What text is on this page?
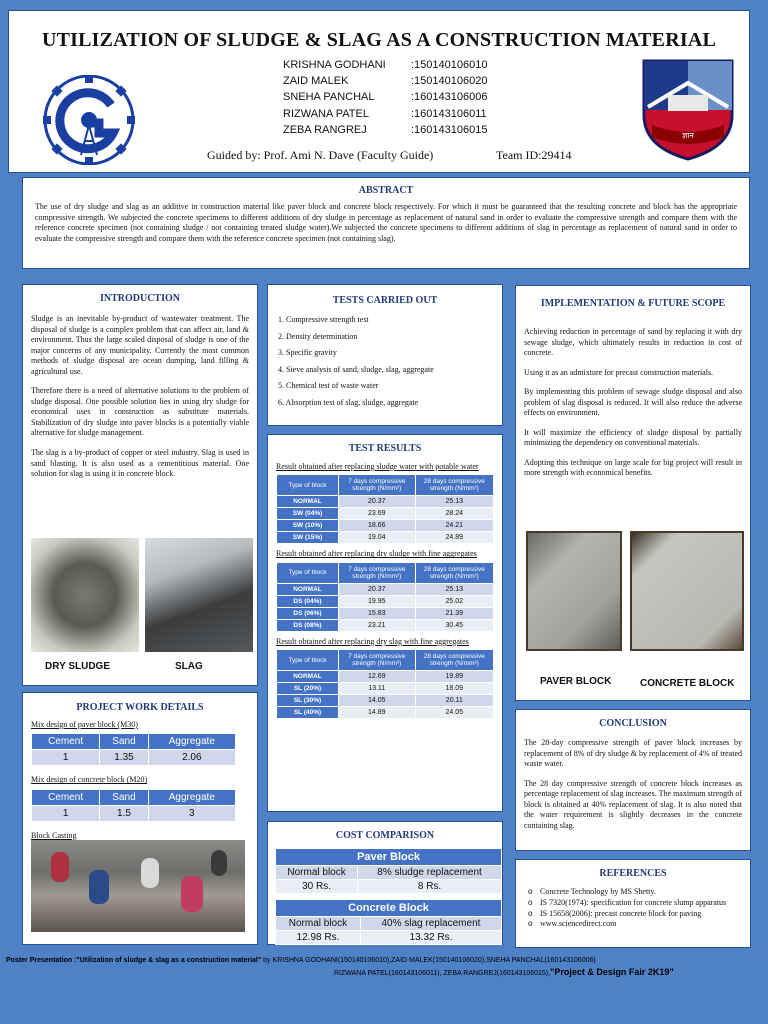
UTILIZATION OF SLUDGE & SLAG AS A CONSTRUCTION MATERIAL
KRISHNA GODHANI	:150140106010
ZAID MALEK	:150140106020
SNEHA PANCHAL	:160143106006
RIZWANA PATEL	:160143106011
ZEBA RANGREJ	:160143106015
Guided by: Prof. Ami N. Dave (Faculty Guide)	Team ID:29414
ज्ञान
ABSTRACT
The use of dry sludge and slag as an additive in construction material like paver block and concrete block respectively. For which it must be guaranteed that the resulting concrete and block has the appropriate compressive strength. We subjected the concrete specimens to different additions of dry sludge in percentage as replacement of natural sand in order to evaluate the compressive strength and compare them with the reference concrete specimen (not containing sludge / not containing treated sludge water).We subjected the concrete specimens to different additions of slag in percentage as replacement of natural sand in order to evaluate the compressive strength and compare them with the reference concrete specimen (not containing slag).
INTRODUCTION
Sludge is an inevitable by-product of wastewater treatment. The disposal of sludge is a complex problem that can affect air, land & environment. Thus the large scaled disposal of sludge is one of the major concerns of any municipality. Currently the most common methods of sludge disposal are ocean dumping, land filling & agricultural use.
Therefore there is a need of alternative solutions to the problem of sludge disposal. One possible solution lies in using dry sludge for economical uses in construction as substitute materials. Stabilization of dry sludge into paver blocks is a potentially viable alternative for sludge management.
The slag is a by-product of copper or steel industry. Slag is used in sand blasting. It is also used as a cementitious material. One solution for slag is using it in concrete block.
DRY SLUDGE	SLAG
TESTS CARRIED OUT
1. Compressive strength test
2. Density determination
3. Specific gravity
4. Sieve analysis of sand, sludge, slag, aggregate
5. Chemical test of waste water
6. Absorption test of slag, sludge, aggregate
TEST RESULTS
Result obtained after replacing sludge water with potable water
Type of block	7 days compressive strength (N/mm²)	28 days compressive strength (N/mm²)
NORMAL	20.37	25.13
SW (04%)	23.69	28.24
SW (10%)	18.66	24.21
SW (15%)	19.04	24.89
Result obtained after replacing dry sludge with fine aggregates
Type of block	7 days compressive strength (N/mm²)	28 days compressive strength (N/mm²)
NORMAL	20.37	25.13
DS (04%)	19.95	25.02
DS (06%)	15.83	21.39
DS (08%)	23.21	30.45
Result obtained after replacing dry slag with fine aggregates
Type of block	7 days compressive strength (N/mm²)	28 days compressive strength (N/mm²)
NORMAL	12.69	19.89
SL (20%)	13.11	18.09
SL (30%)	14.05	20.11
SL (40%)	14.89	24.05
PROJECT WORK DETAILS
Mix design of paver block (M30)
Cement	Sand	Aggregate
1	1.35	2.06
Mix design of concrete block (M20)
Cement	Sand	Aggregate
1	1.5	3
Block Casting	COST COMPARISON
Paver Block	
Normal block	8% sludge replacement
30 Rs.	8 Rs.
Concrete Block	
Normal block	40% slag replacement
12.98 Rs.	13.32 Rs.
IMPLEMENTATION & FUTURE SCOPE
Achieving reduction in percentage of sand by replacing it with dry sewage sludge, which ultimately results in reduction in cost of concrete.
Using it as an admixture for precast construction materials.
By implementing this problem of sewage sludge disposal and also problem of slag disposal is reduced. It will also reduce the adverse effects on environment.
It will maximize the efficiency of sludge disposal by partially minimizing the dependency on conventional materials.
Adopting this technique on large scale for big project will result in more strength with economical benefits.
PAVER BLOCK	CONCRETE BLOCK
CONCLUSION
The 28-day compressive strength of paver block increases by replacement of 8% of dry sludge & by replacement of 4% of treated waste water.
The 28 day compressive strength of concrete block increases as percentage replacement of slag increases. The maximum strength of block is obtained at 40% replacement of slag. It is also noted that the water requirement is slightly decreases in the concrete containing slag.
REFERENCES
o Concrete Technology by MS Shetty.
o IS 7320(1974): specification for concrete slump apparatus
o IS 15658(2006): precast concrete block for paving
o www.sciencedirect.com
Poster Presentation :"Utilization of sludge & slag as a construction material" by KRISHNA GODHANI(150140106010),ZAID MALEK(150140106020),SNEHA PANCHAL(160143106006)
RIZWANA PATEL(160143106011), ZEBA RANGREJ(160143106015),"Project & Design Fair 2K19"
